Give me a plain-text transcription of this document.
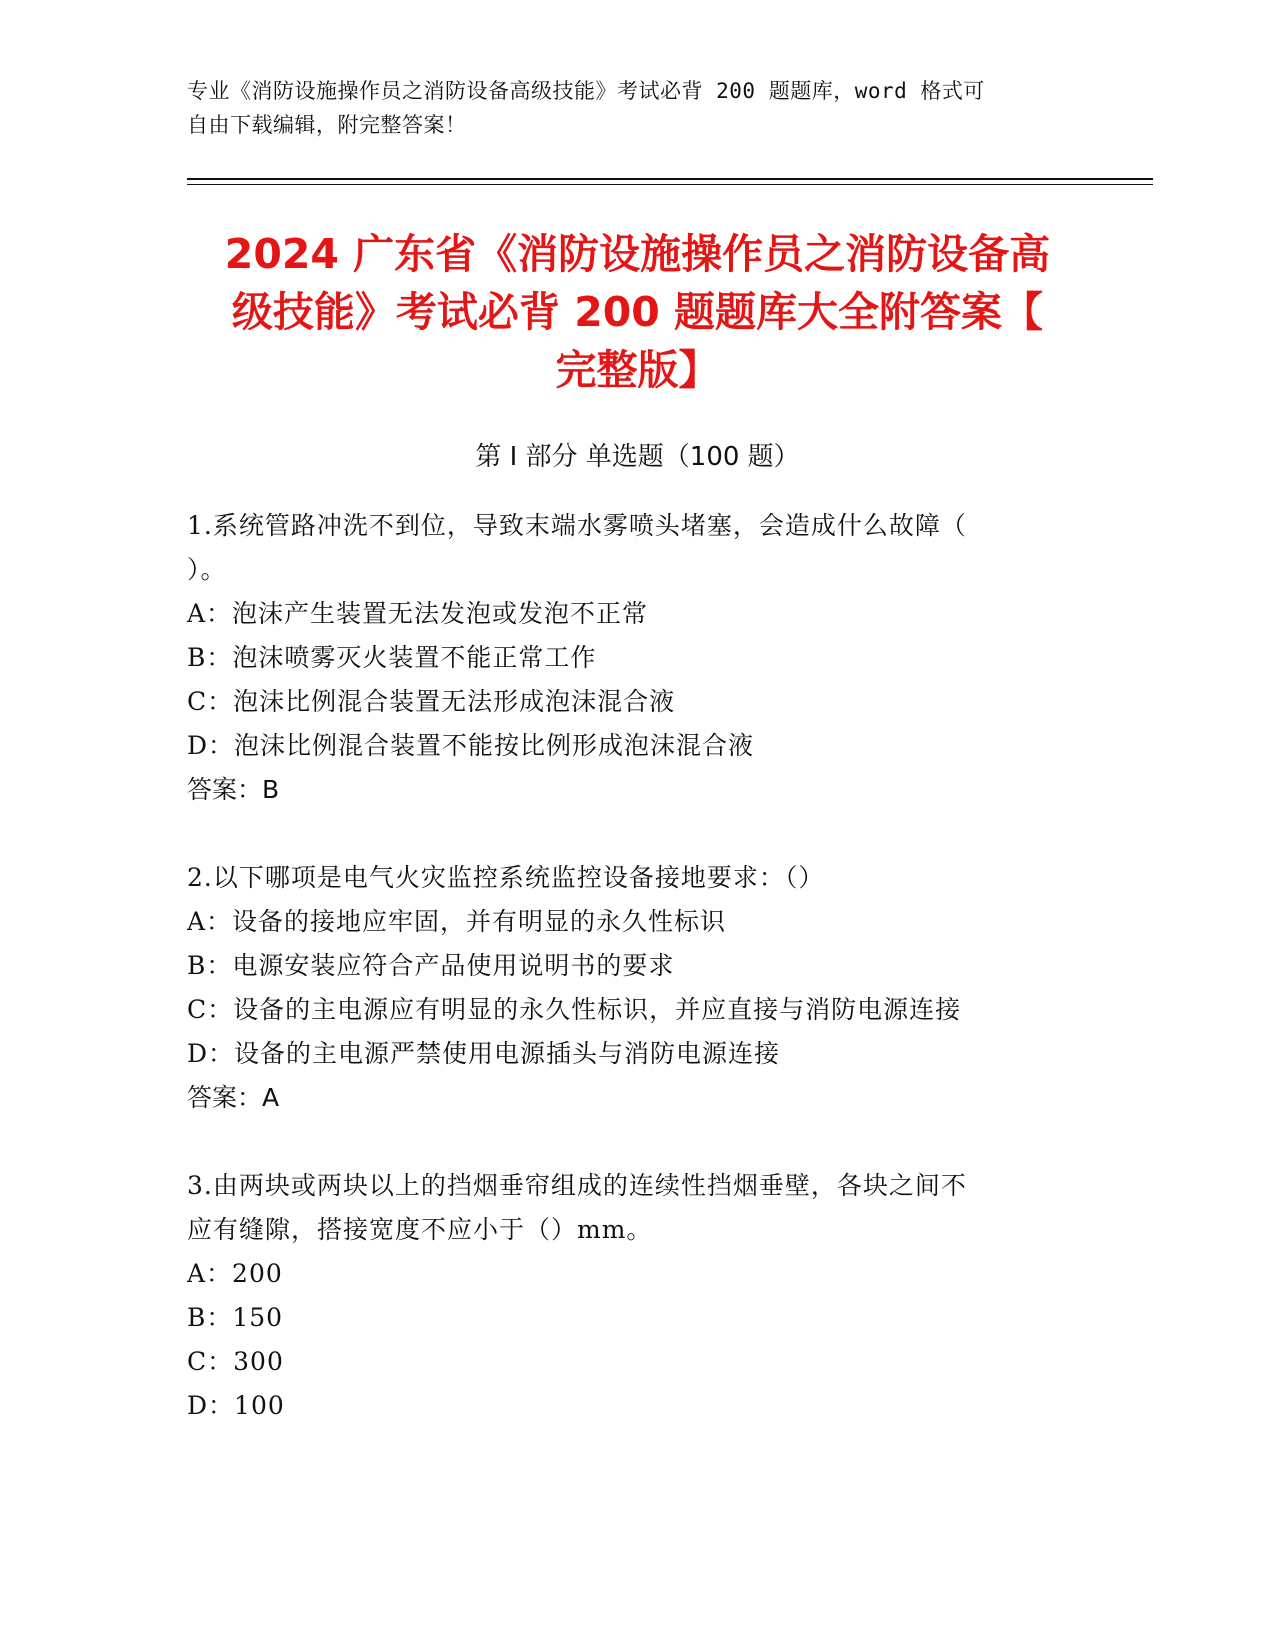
专业《消防设施操作员之消防设备高级技能》考试必背 200 题题库，word 格式可
自由下载编辑，附完整答案！
2024 广东省《消防设施操作员之消防设备高
级技能》考试必背 200 题题库大全附答案【
完整版】
第 I 部分 单选题（100 题）
1.系统管路冲洗不到位，导致末端水雾喷头堵塞，会造成什么故障（
）。
A：泡沫产生装置无法发泡或发泡不正常
B：泡沫喷雾灭火装置不能正常工作
C：泡沫比例混合装置无法形成泡沫混合液
D：泡沫比例混合装置不能按比例形成泡沫混合液
答案：B
2.以下哪项是电气火灾监控系统监控设备接地要求：（）
A：设备的接地应牢固，并有明显的永久性标识
B：电源安装应符合产品使用说明书的要求
C：设备的主电源应有明显的永久性标识，并应直接与消防电源连接
D：设备的主电源严禁使用电源插头与消防电源连接
答案：A
3.由两块或两块以上的挡烟垂帘组成的连续性挡烟垂壁，各块之间不
应有缝隙，搭接宽度不应小于（）mm。
A：200
B：150
C：300
D：100
